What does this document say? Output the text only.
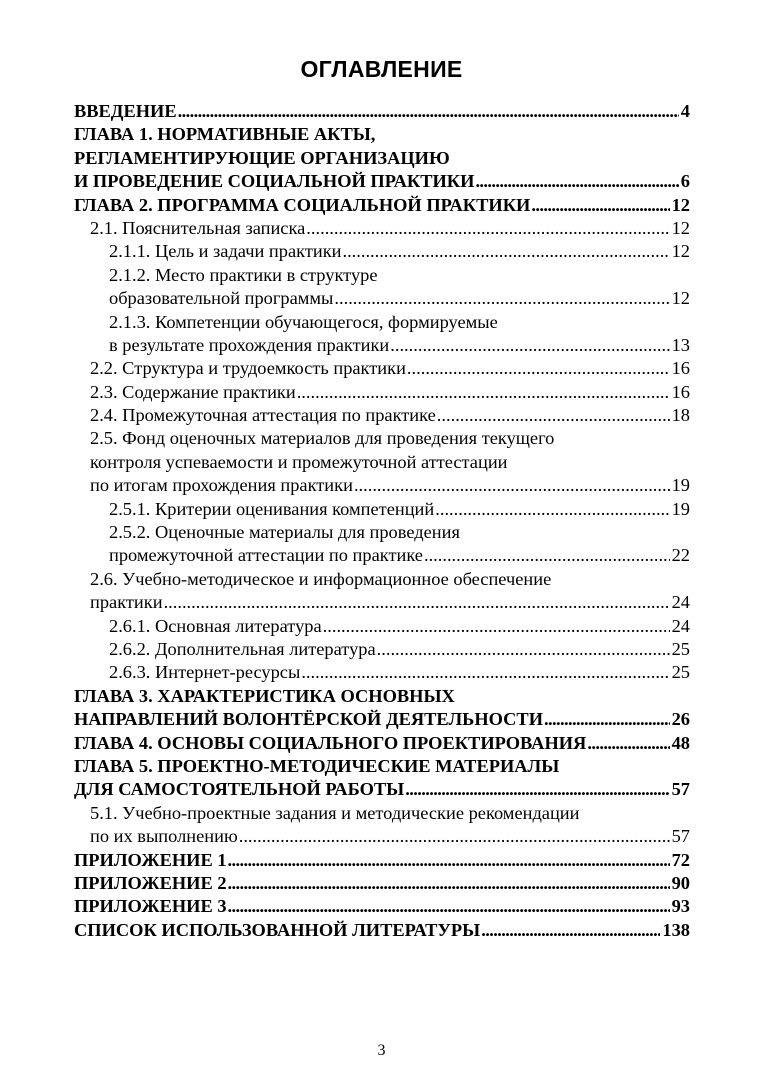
ОГЛАВЛЕНИЕ
ВВЕДЕНИЕ .....	4
ГЛАВА 1. НОРМАТИВНЫЕ АКТЫ,
РЕГЛАМЕНТИРУЮЩИЕ ОРГАНИЗАЦИЮ
И ПРОВЕДЕНИЕ СОЦИАЛЬНОЙ ПРАКТИКИ .....	6
ГЛАВА 2. ПРОГРАММА СОЦИАЛЬНОЙ ПРАКТИКИ .....	12
2.1. Пояснительная записка .....	12
2.1.1. Цель и задачи практики .....	12
2.1.2. Место практики в структуре
образовательной программы .....	12
2.1.3. Компетенции обучающегося, формируемые
в результате прохождения практики .....	13
2.2. Структура и трудоемкость практики .....	16
2.3. Содержание практики .....	16
2.4. Промежуточная аттестация по практике .....	18
2.5. Фонд оценочных материалов для проведения текущего
контроля успеваемости и промежуточной аттестации
по итогам прохождения практики .....	19
2.5.1. Критерии оценивания компетенций .....	19
2.5.2. Оценочные материалы для проведения
промежуточной аттестации по практике .....	22
2.6. Учебно-методическое и информационное обеспечение
практики .....	24
2.6.1. Основная литература .....	24
2.6.2. Дополнительная литература .....	25
2.6.3. Интернет-ресурсы .....	25
ГЛАВА 3. ХАРАКТЕРИСТИКА ОСНОВНЫХ
НАПРАВЛЕНИЙ ВОЛОНТЁРСКОЙ ДЕЯТЕЛЬНОСТИ .....	26
ГЛАВА 4. ОСНОВЫ СОЦИАЛЬНОГО ПРОЕКТИРОВАНИЯ .....	48
ГЛАВА 5. ПРОЕКТНО-МЕТОДИЧЕСКИЕ МАТЕРИАЛЫ
ДЛЯ САМОСТОЯТЕЛЬНОЙ РАБОТЫ .....	57
5.1. Учебно-проектные задания и методические рекомендации
по их выполнению .....	57
ПРИЛОЖЕНИЕ 1 .....	72
ПРИЛОЖЕНИЕ 2 .....	90
ПРИЛОЖЕНИЕ 3 .....	93
СПИСОК ИСПОЛЬЗОВАННОЙ ЛИТЕРАТУРЫ .....	138
3
